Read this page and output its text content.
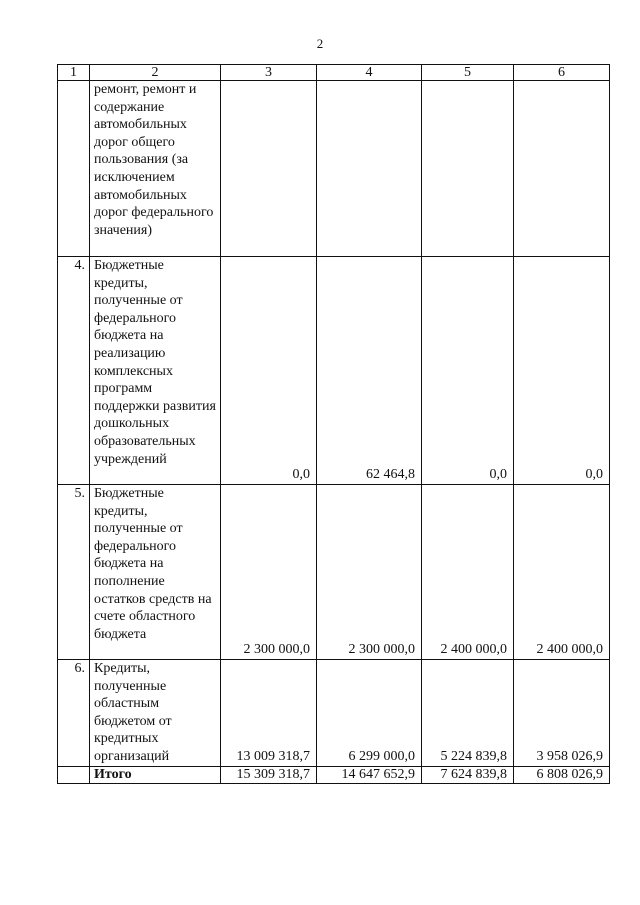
2
1	2	3	4	5	6
	ремонт, ремонт и содержание автомобильных дорог общего пользования (за исключением автомобильных дорог федерального значения)				
4.	Бюджетные кредиты, полученные от федерального бюджета на реализацию комплексных программ поддержки развития дошкольных образовательных учреждений	0,0	62 464,8	0,0	0,0
5.	Бюджетные кредиты, полученные от федерального бюджета на пополнение остатков средств на счете областного бюджета	2 300 000,0	2 300 000,0	2 400 000,0	2 400 000,0
6.	Кредиты, полученные областным бюджетом от кредитных организаций	13 009 318,7	6 299 000,0	5 224 839,8	3 958 026,9
	Итого	15 309 318,7	14 647 652,9	7 624 839,8	6 808 026,9
